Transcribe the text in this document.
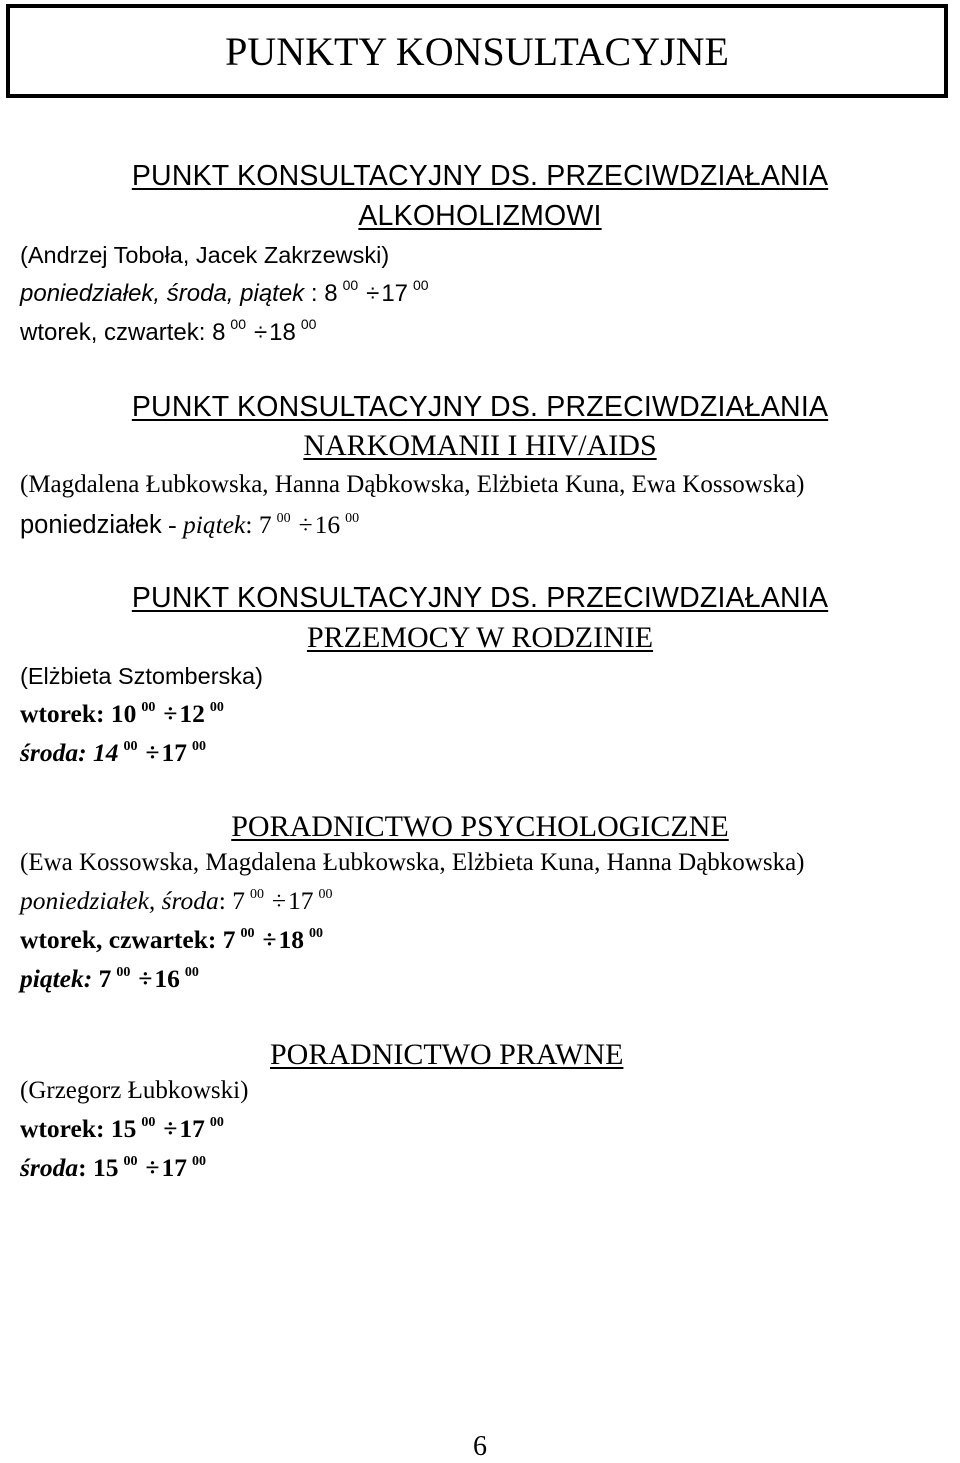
PUNKTY KONSULTACYJNE
PUNKT KONSULTACYJNY DS. PRZECIWDZIAŁANIA
ALKOHOLIZMOWI
(Andrzej Toboła, Jacek Zakrzewski)
poniedziałek, środa, piątek : 8 $^{00}$ ÷17 $^{00}$
wtorek, czwartek: 8 $^{00}$ ÷18 $^{00}$
PUNKT KONSULTACYJNY DS. PRZECIWDZIAŁANIA
NARKOMANII I HIV/AIDS
(Magdalena Łubkowska, Hanna Dąbkowska, Elżbieta Kuna, Ewa Kossowska)
poniedziałek - piątek: 7 $^{00}$ ÷16 $^{00}$
PUNKT KONSULTACYJNY DS. PRZECIWDZIAŁANIA
PRZEMOCY W RODZINIE
(Elżbieta Sztomberska)
wtorek: 10 $^{00}$ ÷12 $^{00}$
środa: 14 $^{00}$ ÷17 $^{00}$
PORADNICTWO PSYCHOLOGICZNE
(Ewa Kossowska, Magdalena Łubkowska, Elżbieta Kuna, Hanna Dąbkowska)
poniedziałek, środa: 7 $^{00}$ ÷17 $^{00}$
wtorek, czwartek: 7 $^{00}$ ÷18 $^{00}$
piątek: 7 $^{00}$ ÷16 $^{00}$
PORADNICTWO PRAWNE
(Grzegorz Łubkowski)
wtorek: 15 $^{00}$ ÷17 $^{00}$
środa: 15 $^{00}$ ÷17 $^{00}$
6
